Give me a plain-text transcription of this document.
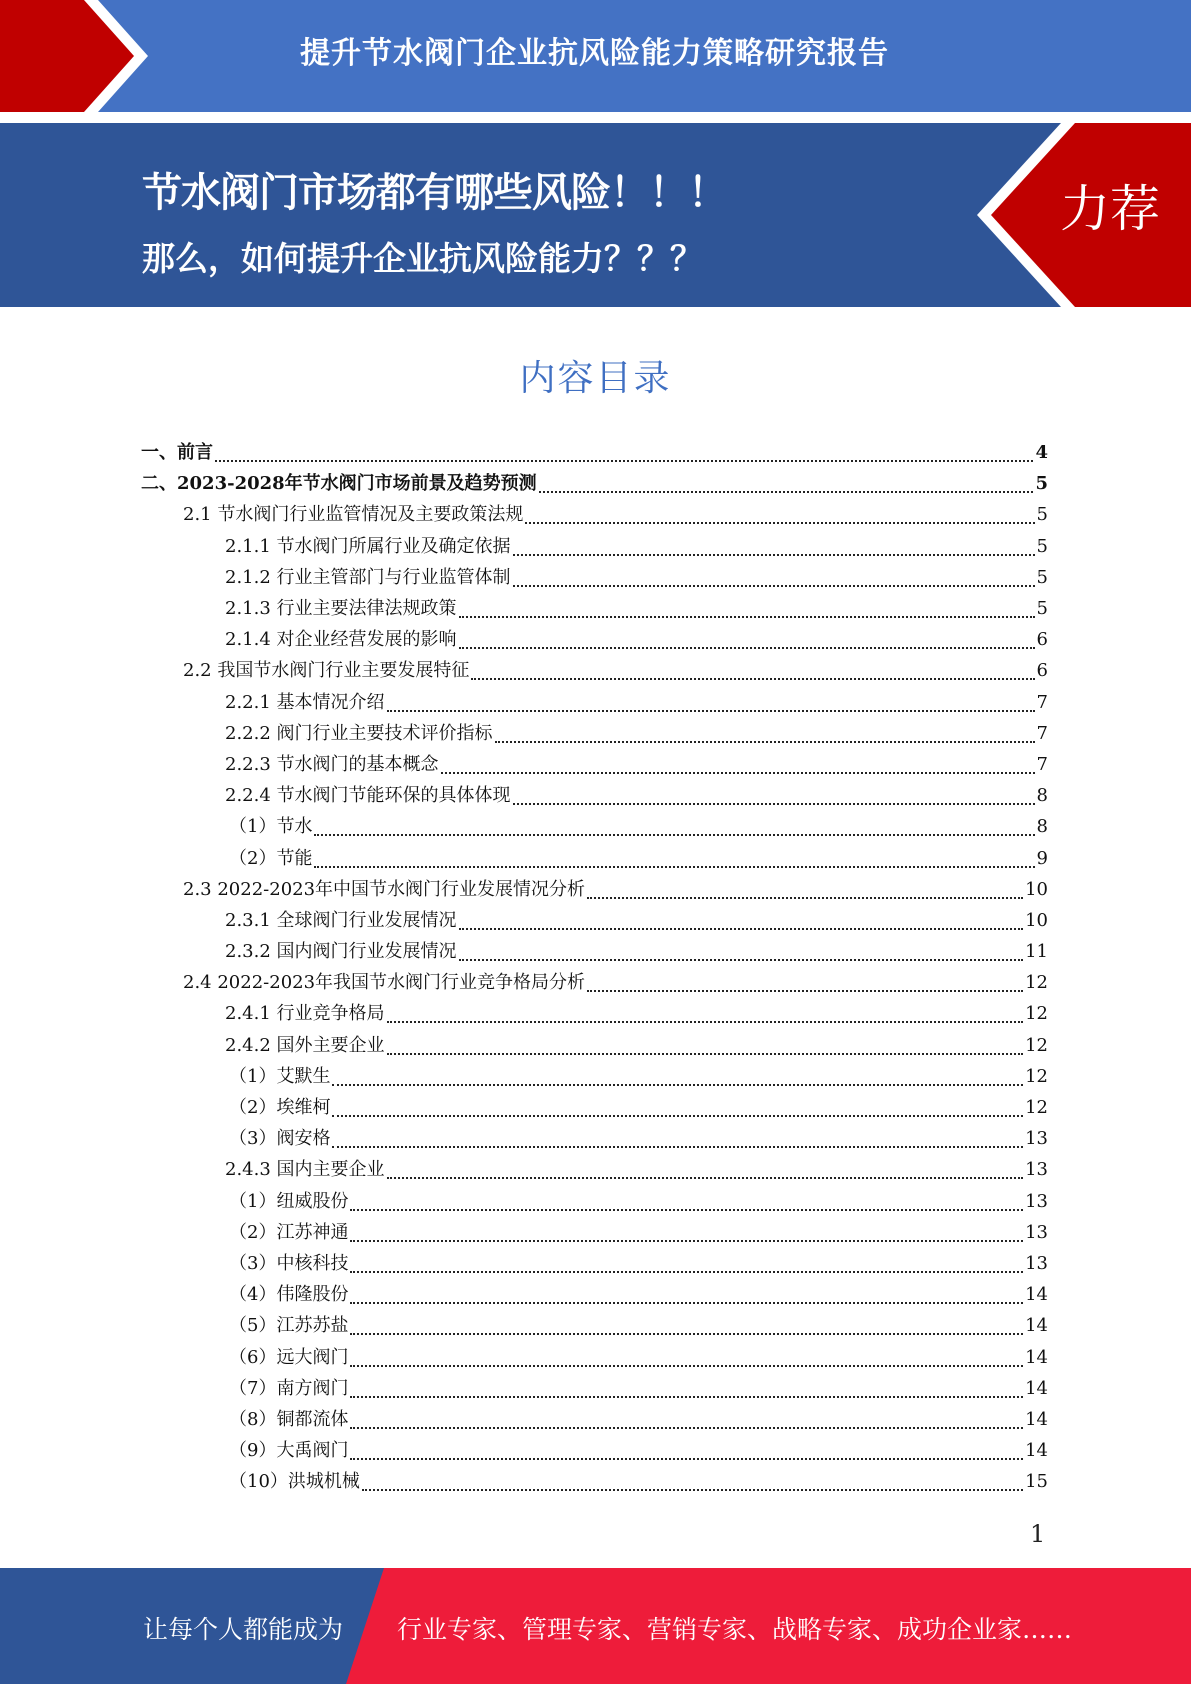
提升节水阀门企业抗风险能力策略研究报告
节水阀门市场都有哪些风险！！！
那么，如何提升企业抗风险能力？？？
力荐
内容目录
一、前言	4
二、2023-2028年节水阀门市场前景及趋势预测	5
2.1 节水阀门行业监管情况及主要政策法规	5
2.1.1 节水阀门所属行业及确定依据	5
2.1.2 行业主管部门与行业监管体制	5
2.1.3 行业主要法律法规政策	5
2.1.4 对企业经营发展的影响	6
2.2 我国节水阀门行业主要发展特征	6
2.2.1 基本情况介绍	7
2.2.2 阀门行业主要技术评价指标	7
2.2.3 节水阀门的基本概念	7
2.2.4 节水阀门节能环保的具体体现	8
（1）节水	8
（2）节能	9
2.3 2022-2023年中国节水阀门行业发展情况分析	10
2.3.1 全球阀门行业发展情况	10
2.3.2 国内阀门行业发展情况	11
2.4 2022-2023年我国节水阀门行业竞争格局分析	12
2.4.1 行业竞争格局	12
2.4.2 国外主要企业	12
（1）艾默生	12
（2）埃维柯	12
（3）阀安格	13
2.4.3 国内主要企业	13
（1）纽威股份	13
（2）江苏神通	13
（3）中核科技	13
（4）伟隆股份	14
（5）江苏苏盐	14
（6）远大阀门	14
（7）南方阀门	14
（8）铜都流体	14
（9）大禹阀门	14
（10）洪城机械	15
1
让每个人都能成为 行业专家、管理专家、营销专家、战略专家、成功企业家……
